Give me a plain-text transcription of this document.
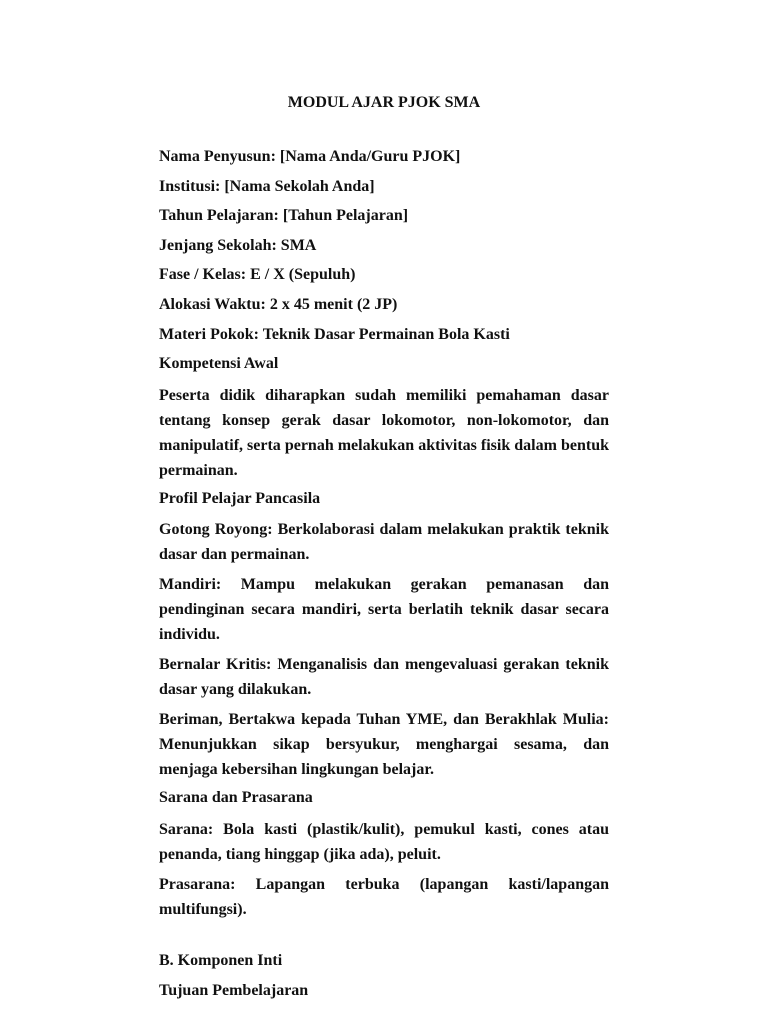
MODUL AJAR PJOK SMA
Nama Penyusun: [Nama Anda/Guru PJOK]
Institusi: [Nama Sekolah Anda]
Tahun Pelajaran: [Tahun Pelajaran]
Jenjang Sekolah: SMA
Fase / Kelas: E / X (Sepuluh)
Alokasi Waktu: 2 x 45 menit (2 JP)
Materi Pokok: Teknik Dasar Permainan Bola Kasti
Kompetensi Awal
Peserta didik diharapkan sudah memiliki pemahaman dasar tentang konsep gerak dasar lokomotor, non-lokomotor, dan manipulatif, serta pernah melakukan aktivitas fisik dalam bentuk permainan.
Profil Pelajar Pancasila
Gotong Royong: Berkolaborasi dalam melakukan praktik teknik dasar dan permainan.
Mandiri: Mampu melakukan gerakan pemanasan dan pendinginan secara mandiri, serta berlatih teknik dasar secara individu.
Bernalar Kritis: Menganalisis dan mengevaluasi gerakan teknik dasar yang dilakukan.
Beriman, Bertakwa kepada Tuhan YME, dan Berakhlak Mulia: Menunjukkan sikap bersyukur, menghargai sesama, dan menjaga kebersihan lingkungan belajar.
Sarana dan Prasarana
Sarana: Bola kasti (plastik/kulit), pemukul kasti, cones atau penanda, tiang hinggap (jika ada), peluit.
Prasarana: Lapangan terbuka (lapangan kasti/lapangan multifungsi).
B. Komponen Inti
Tujuan Pembelajaran
